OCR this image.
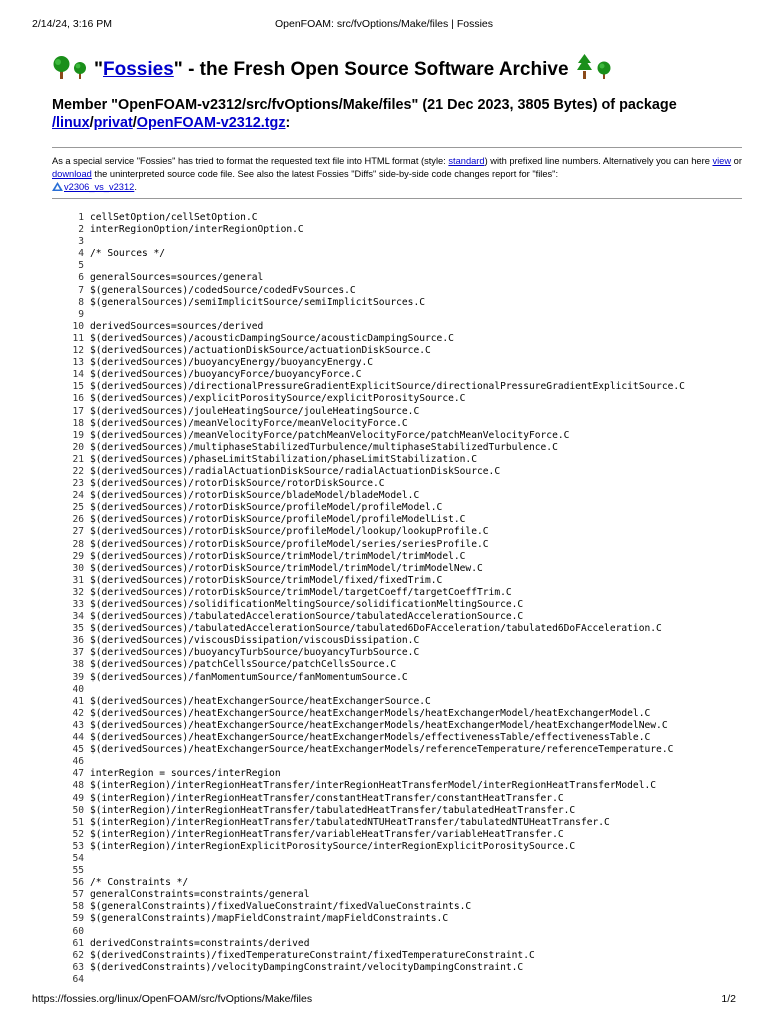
2/14/24, 3:16 PM	OpenFOAM: src/fvOptions/Make/files | Fossies
" Fossies " - the Fresh Open Source Software Archive
Member "OpenFOAM-v2312/src/fvOptions/Make/files" (21 Dec 2023, 3805 Bytes) of package
/linux/privat/OpenFOAM-v2312.tgz:
As a special service "Fossies" has tried to format the requested text file into HTML format (style: standard) with prefixed line numbers. Alternatively you can here view or download the uninterpreted source code file. See also the latest Fossies "Diffs" side-by-side code changes report for "files":
v2306_vs_v2312.
1 cellSetOption/cellSetOption.C
2 interRegionOption/interRegionOption.C
3
4 /* Sources */
5
6 generalSources=sources/general
7 $(generalSources)/codedSource/codedFvSources.C
8 $(generalSources)/semiImplicitSource/semiImplicitSources.C
9
10 derivedSources=sources/derived
11 $(derivedSources)/acousticDampingSource/acousticDampingSource.C
12 $(derivedSources)/actuationDiskSource/actuationDiskSource.C
13 $(derivedSources)/buoyancyEnergy/buoyancyEnergy.C
14 $(derivedSources)/buoyancyForce/buoyancyForce.C
15 $(derivedSources)/directionalPressureGradientExplicitSource/directionalPressureGradientExplicitSource.C
16 $(derivedSources)/explicitPorositySource/explicitPorositySource.C
17 $(derivedSources)/jouleHeatingSource/jouleHeatingSource.C
18 $(derivedSources)/meanVelocityForce/meanVelocityForce.C
19 $(derivedSources)/meanVelocityForce/patchMeanVelocityForce/patchMeanVelocityForce.C
20 $(derivedSources)/multiphaseStabilizedTurbulence/multiphaseStabilizedTurbulence.C
21 $(derivedSources)/phaseLimitStabilization/phaseLimitStabilization.C
22 $(derivedSources)/radialActuationDiskSource/radialActuationDiskSource.C
23 $(derivedSources)/rotorDiskSource/rotorDiskSource.C
24 $(derivedSources)/rotorDiskSource/bladeModel/bladeModel.C
25 $(derivedSources)/rotorDiskSource/profileModel/profileModel.C
26 $(derivedSources)/rotorDiskSource/profileModel/profileModelList.C
27 $(derivedSources)/rotorDiskSource/profileModel/lookup/lookupProfile.C
28 $(derivedSources)/rotorDiskSource/profileModel/series/seriesProfile.C
29 $(derivedSources)/rotorDiskSource/trimModel/trimModel/trimModel.C
30 $(derivedSources)/rotorDiskSource/trimModel/trimModel/trimModelNew.C
31 $(derivedSources)/rotorDiskSource/trimModel/fixed/fixedTrim.C
32 $(derivedSources)/rotorDiskSource/trimModel/targetCoeff/targetCoeffTrim.C
33 $(derivedSources)/solidificationMeltingSource/solidificationMeltingSource.C
34 $(derivedSources)/tabulatedAccelerationSource/tabulatedAccelerationSource.C
35 $(derivedSources)/tabulatedAccelerationSource/tabulated6DoFAcceleration/tabulated6DoFAcceleration.C
36 $(derivedSources)/viscousDissipation/viscousDissipation.C
37 $(derivedSources)/buoyancyTurbSource/buoyancyTurbSource.C
38 $(derivedSources)/patchCellsSource/patchCellsSource.C
39 $(derivedSources)/fanMomentumSource/fanMomentumSource.C
40
41 $(derivedSources)/heatExchangerSource/heatExchangerSource.C
42 $(derivedSources)/heatExchangerSource/heatExchangerModels/heatExchangerModel/heatExchangerModel.C
43 $(derivedSources)/heatExchangerSource/heatExchangerModels/heatExchangerModel/heatExchangerModelNew.C
44 $(derivedSources)/heatExchangerSource/heatExchangerModels/effectivenessTable/effectivenessTable.C
45 $(derivedSources)/heatExchangerSource/heatExchangerModels/referenceTemperature/referenceTemperature.C
46
47 interRegion = sources/interRegion
48 $(interRegion)/interRegionHeatTransfer/interRegionHeatTransferModel/interRegionHeatTransferModel.C
49 $(interRegion)/interRegionHeatTransfer/constantHeatTransfer/constantHeatTransfer.C
50 $(interRegion)/interRegionHeatTransfer/tabulatedHeatTransfer/tabulatedHeatTransfer.C
51 $(interRegion)/interRegionHeatTransfer/tabulatedNTUHeatTransfer/tabulatedNTUHeatTransfer.C
52 $(interRegion)/interRegionHeatTransfer/variableHeatTransfer/variableHeatTransfer.C
53 $(interRegion)/interRegionExplicitPorositySource/interRegionExplicitPorositySource.C
54
55
56 /* Constraints */
57 generalConstraints=constraints/general
58 $(generalConstraints)/fixedValueConstraint/fixedValueConstraints.C
59 $(generalConstraints)/mapFieldConstraint/mapFieldConstraints.C
60
61 derivedConstraints=constraints/derived
62 $(derivedConstraints)/fixedTemperatureConstraint/fixedTemperatureConstraint.C
63 $(derivedConstraints)/velocityDampingConstraint/velocityDampingConstraint.C
64
https://fossies.org/linux/OpenFOAM/src/fvOptions/Make/files	1/2
